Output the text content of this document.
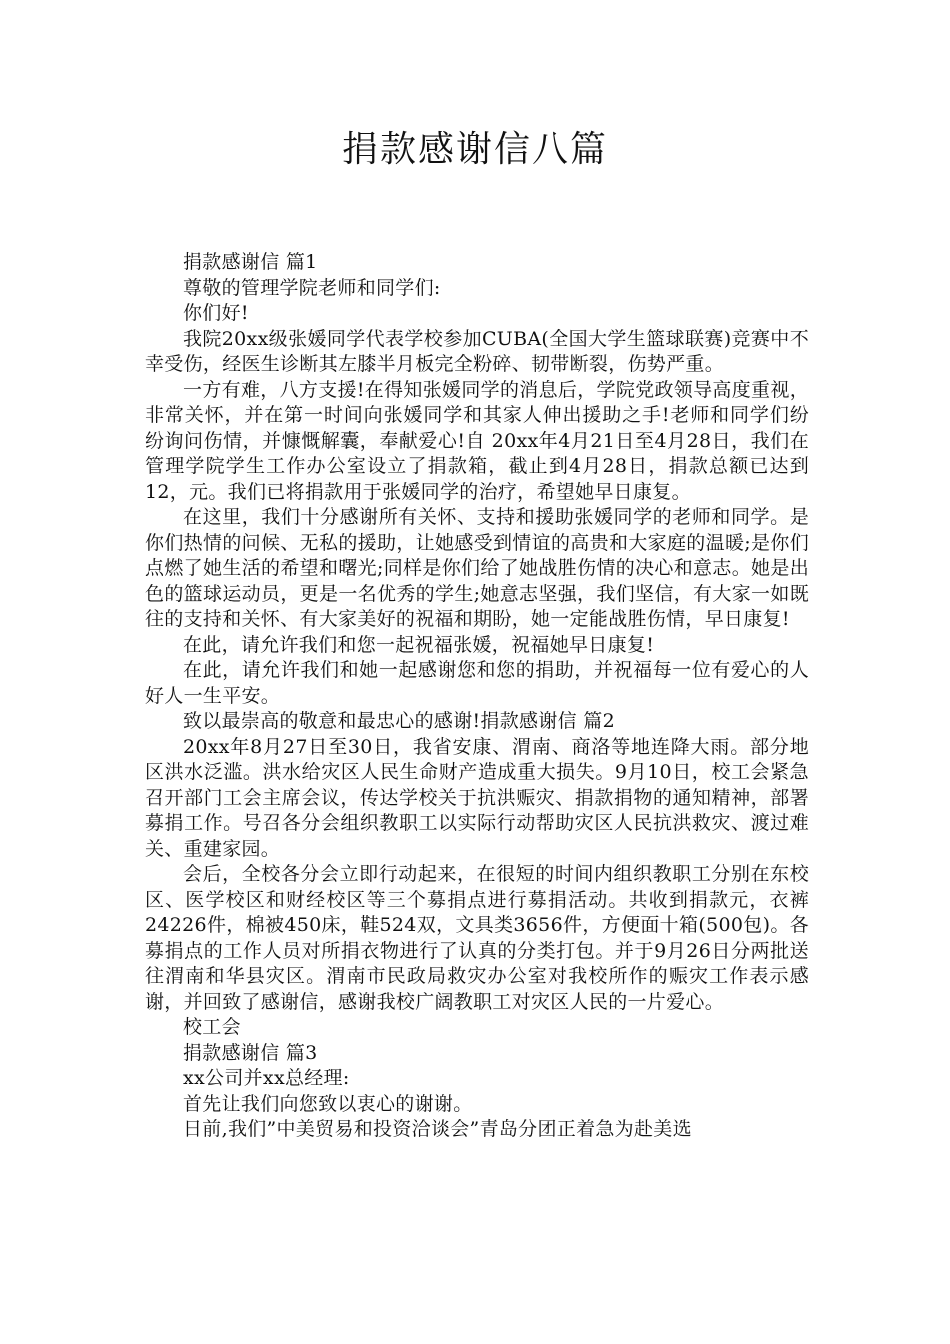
捐款感谢信八篇

捐款感谢信 篇1

尊敬的管理学院老师和同学们:

你们好!

我院20xx级张媛同学代表学校参加CUBA(全国大学生篮球联赛)竞赛中不幸受伤，经医生诊断其左膝半月板完全粉碎、韧带断裂，伤势严重。

一方有难，八方支援!在得知张媛同学的消息后，学院党政领导高度重视，非常关怀，并在第一时间向张媛同学和其家人伸出援助之手!老师和同学们纷纷询问伤情，并慷慨解囊，奉献爱心!自 20xx年4月21日至4月28日，我们在管理学院学生工作办公室设立了捐款箱，截止到4月28日，捐款总额已达到12，元。我们已将捐款用于张媛同学的治疗，希望她早日康复。

在这里，我们十分感谢所有关怀、支持和援助张媛同学的老师和同学。是你们热情的问候、无私的援助，让她感受到情谊的高贵和大家庭的温暖;是你们点燃了她生活的希望和曙光;同样是你们给了她战胜伤情的决心和意志。她是出色的篮球运动员，更是一名优秀的学生;她意志坚强，我们坚信，有大家一如既往的支持和关怀、有大家美好的祝福和期盼，她一定能战胜伤情，早日康复!

在此，请允许我们和您一起祝福张媛，祝福她早日康复!

在此，请允许我们和她一起感谢您和您的捐助，并祝福每一位有爱心的人好人一生平安。

致以最崇高的敬意和最忠心的感谢!捐款感谢信 篇2

20xx年8月27日至30日，我省安康、渭南、商洛等地连降大雨。部分地区洪水泛滥。洪水给灾区人民生命财产造成重大损失。9月10日，校工会紧急召开部门工会主席会议，传达学校关于抗洪赈灾、捐款捐物的通知精神，部署募捐工作。号召各分会组织教职工以实际行动帮助灾区人民抗洪救灾、渡过难关、重建家园。

会后，全校各分会立即行动起来，在很短的时间内组织教职工分别在东校区、医学校区和财经校区等三个募捐点进行募捐活动。共收到捐款元，衣裤24226件，棉被450床，鞋524双，文具类3656件，方便面十箱(500包)。各募捐点的工作人员对所捐衣物进行了认真的分类打包。并于9月26日分两批送往渭南和华县灾区。渭南市民政局救灾办公室对我校所作的赈灾工作表示感谢，并回致了感谢信，感谢我校广阔教职工对灾区人民的一片爱心。

校工会

捐款感谢信 篇3

xx公司并xx总经理:

首先让我们向您致以衷心的谢谢。

日前,我们”中美贸易和投资洽谈会”青岛分团正着急为赴美选
